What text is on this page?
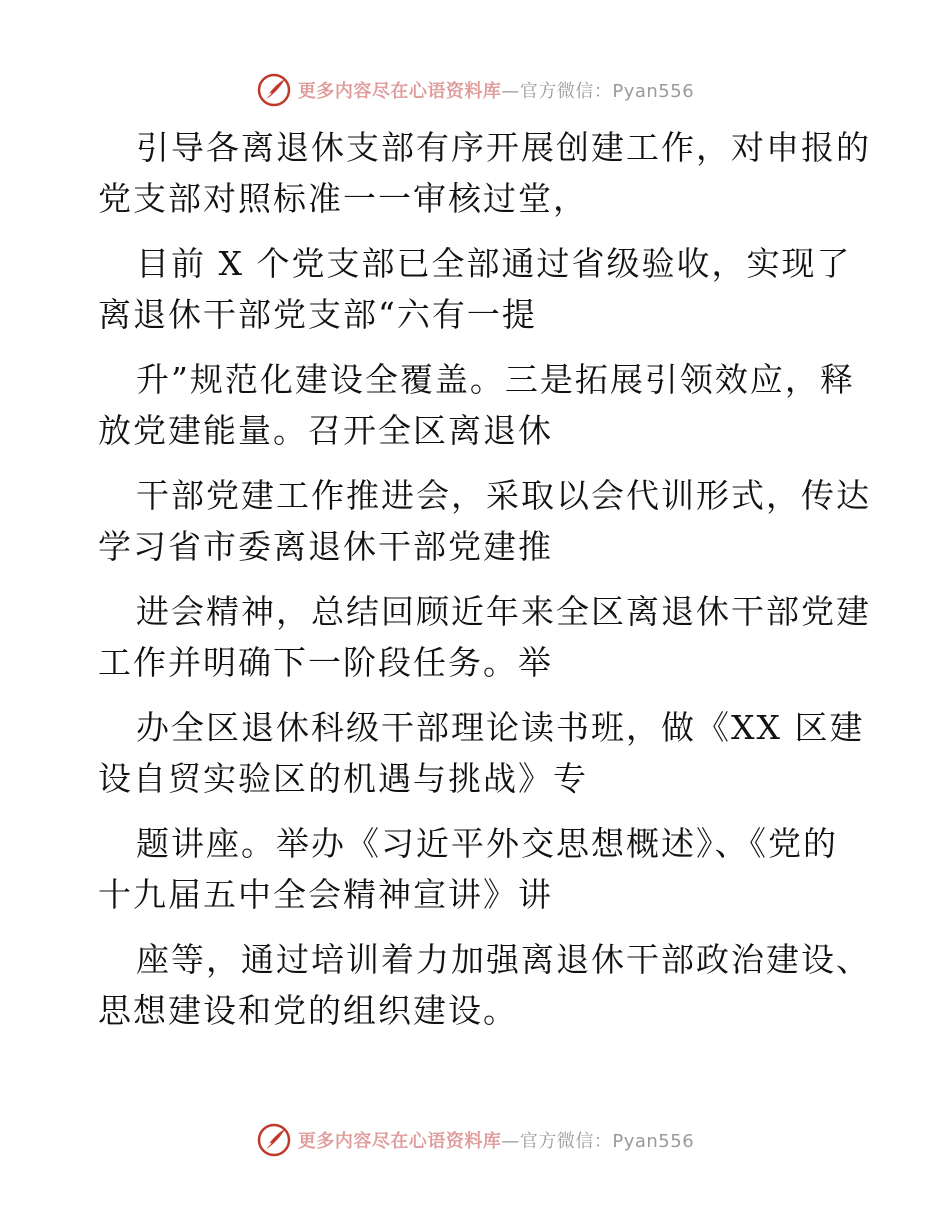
更多内容尽在心语资料库—官方微信：Pyan556
引导各离退休支部有序开展创建工作，对申报的
党支部对照标准一一审核过堂，
目前 X 个党支部已全部通过省级验收，实现了
离退休干部党支部“六有一提
升”规范化建设全覆盖。三是拓展引领效应，释
放党建能量。召开全区离退休
干部党建工作推进会，采取以会代训形式，传达
学习省市委离退休干部党建推
进会精神，总结回顾近年来全区离退休干部党建
工作并明确下一阶段任务。举
办全区退休科级干部理论读书班，做《XX 区建
设自贸实验区的机遇与挑战》专
题讲座。举办《习近平外交思想概述》、《党的
十九届五中全会精神宣讲》讲
座等，通过培训着力加强离退休干部政治建设、
思想建设和党的组织建设。
更多内容尽在心语资料库—官方微信：Pyan556
